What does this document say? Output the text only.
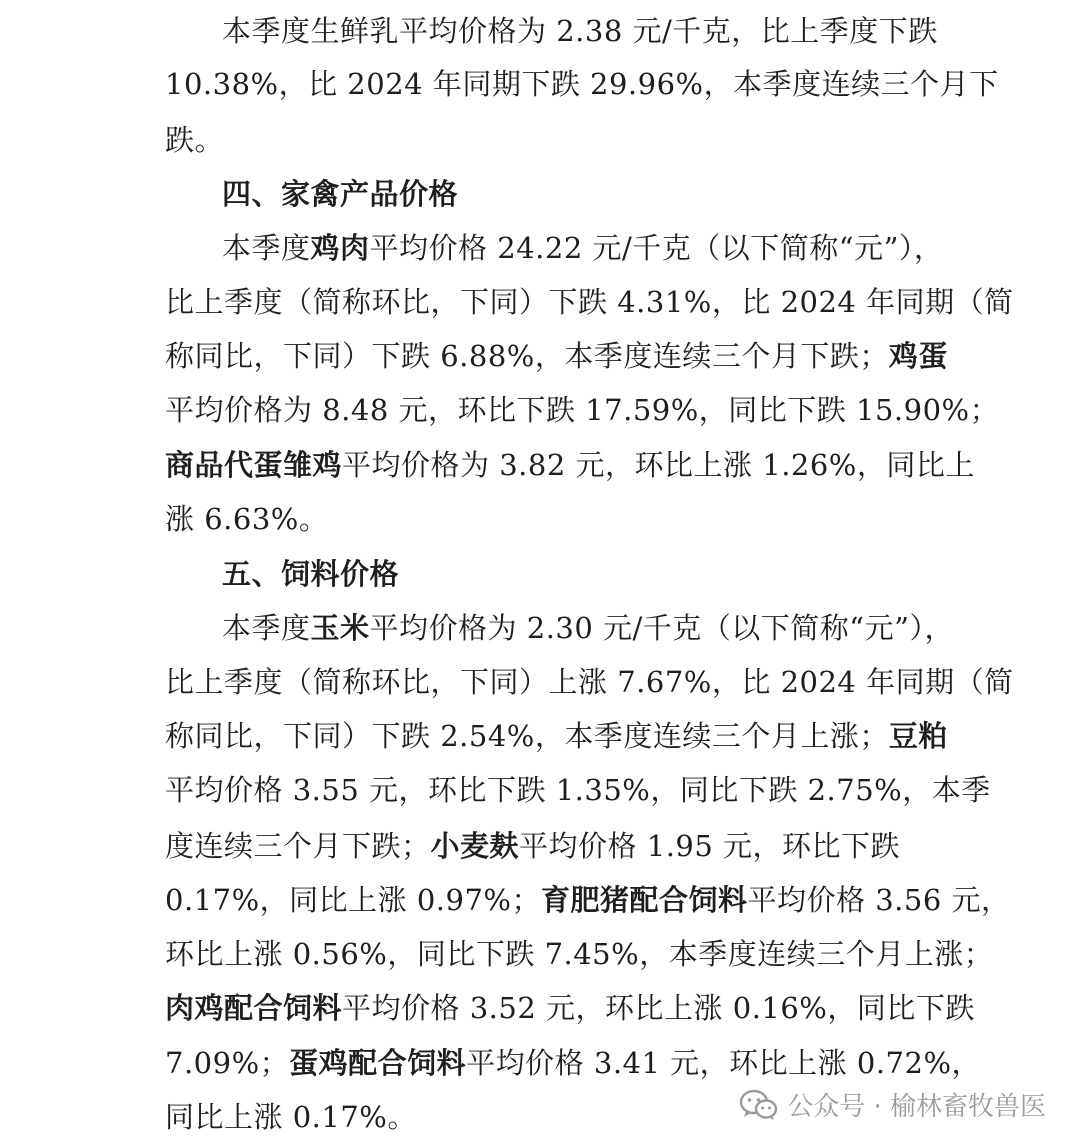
本季度生鲜乳平均价格为 2.38 元/千克，比上季度下跌
10.38%，比 2024 年同期下跌 29.96%，本季度连续三个月下
跌。
四、家禽产品价格
本季度鸡肉平均价格 24.22 元/千克（以下简称“元”），
比上季度（简称环比，下同）下跌 4.31%，比 2024 年同期（简
称同比，下同）下跌 6.88%，本季度连续三个月下跌；鸡蛋
平均价格为 8.48 元，环比下跌 17.59%，同比下跌 15.90%；
商品代蛋雏鸡平均价格为 3.82 元，环比上涨 1.26%，同比上
涨 6.63%。
五、饲料价格
本季度玉米平均价格为 2.30 元/千克（以下简称“元”），
比上季度（简称环比，下同）上涨 7.67%，比 2024 年同期（简
称同比，下同）下跌 2.54%，本季度连续三个月上涨；豆粕
平均价格 3.55 元，环比下跌 1.35%，同比下跌 2.75%，本季
度连续三个月下跌；小麦麸平均价格 1.95 元，环比下跌
0.17%，同比上涨 0.97%；育肥猪配合饲料平均价格 3.56 元，
环比上涨 0.56%，同比下跌 7.45%，本季度连续三个月上涨；
肉鸡配合饲料平均价格 3.52 元，环比上涨 0.16%，同比下跌
7.09%；蛋鸡配合饲料平均价格 3.41 元，环比上涨 0.72%，
同比上涨 0.17%。	公众号 · 榆林畜牧兽医
